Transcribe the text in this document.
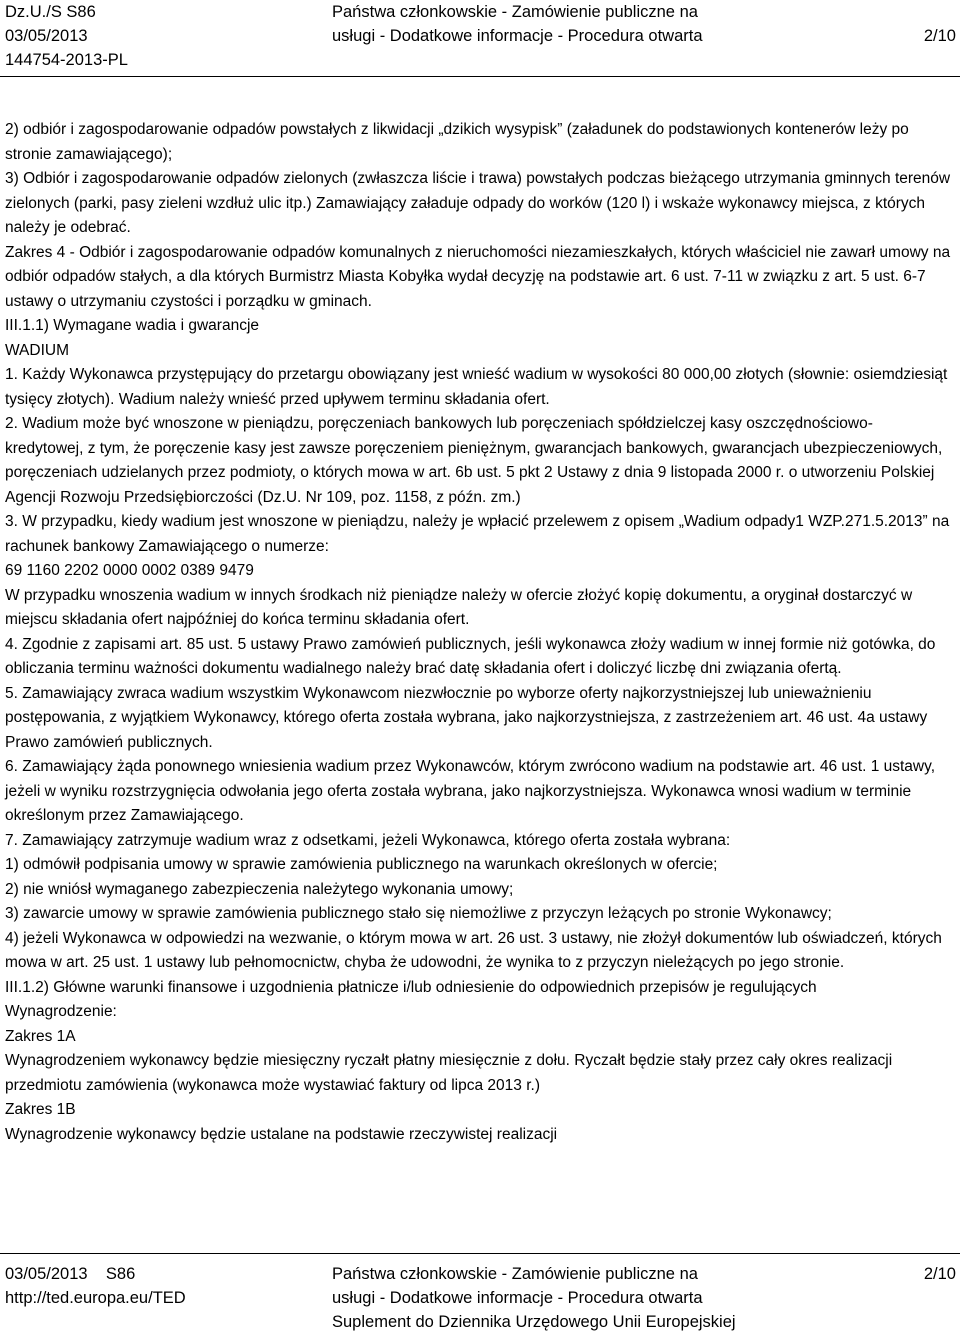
Dz.U./S S86
03/05/2013
144754-2013-PL
Państwa członkowskie - Zamówienie publiczne na
usługi - Dodatkowe informacje - Procedura otwarta	2/10

2) odbiór i zagospodarowanie odpadów powstałych z likwidacji „dzikich wysypisk” (załadunek do podstawionych kontenerów leży po stronie zamawiającego);

3) Odbiór i zagospodarowanie odpadów zielonych (zwłaszcza liście i trawa) powstałych podczas bieżącego utrzymania gminnych terenów zielonych (parki, pasy zieleni wzdłuż ulic itp.) Zamawiający załaduje odpady do worków (120 l) i wskaże wykonawcy miejsca, z których należy je odebrać.

Zakres 4 - Odbiór i zagospodarowanie odpadów komunalnych z nieruchomości niezamieszkałych, których właściciel nie zawarł umowy na odbiór odpadów stałych, a dla których Burmistrz Miasta Kobyłka wydał decyzję na podstawie art. 6 ust. 7-11 w związku z art. 5 ust. 6-7 ustawy o utrzymaniu czystości i porządku w gminach.

III.1.1) Wymagane wadia i gwarancje

WADIUM

1. Każdy Wykonawca przystępujący do przetargu obowiązany jest wnieść wadium w wysokości 80 000,00 złotych (słownie: osiemdziesiąt tysięcy złotych). Wadium należy wnieść przed upływem terminu składania ofert.

2. Wadium może być wnoszone w pieniądzu, poręczeniach bankowych lub poręczeniach spółdzielczej kasy oszczędnościowo- kredytowej, z tym, że poręczenie kasy jest zawsze poręczeniem pieniężnym, gwarancjach bankowych, gwarancjach ubezpieczeniowych, poręczeniach udzielanych przez podmioty, o których mowa w art. 6b ust. 5 pkt 2 Ustawy z dnia 9 listopada 2000 r. o utworzeniu Polskiej Agencji Rozwoju Przedsiębiorczości (Dz.U. Nr 109, poz. 1158, z późn. zm.)

3. W przypadku, kiedy wadium jest wnoszone w pieniądzu, należy je wpłacić przelewem z opisem „Wadium odpady1 WZP.271.5.2013” na rachunek bankowy Zamawiającego o numerze:

69 1160 2202 0000 0002 0389 9479

W przypadku wnoszenia wadium w innych środkach niż pieniądze należy w ofercie złożyć kopię dokumentu, a oryginał dostarczyć w miejscu składania ofert najpóźniej do końca terminu składania ofert.

4. Zgodnie z zapisami art. 85 ust. 5 ustawy Prawo zamówień publicznych, jeśli wykonawca złoży wadium w innej formie niż gotówka, do obliczania terminu ważności dokumentu wadialnego należy brać datę składania ofert i doliczyć liczbę dni związania ofertą.

5. Zamawiający zwraca wadium wszystkim Wykonawcom niezwłocznie po wyborze oferty najkorzystniejszej lub unieważnieniu postępowania, z wyjątkiem Wykonawcy, którego oferta została wybrana, jako najkorzystniejsza, z zastrzeżeniem art. 46 ust. 4a ustawy Prawo zamówień publicznych.

6. Zamawiający żąda ponownego wniesienia wadium przez Wykonawców, którym zwrócono wadium na podstawie art. 46 ust. 1 ustawy, jeżeli w wyniku rozstrzygnięcia odwołania jego oferta została wybrana, jako najkorzystniejsza. Wykonawca wnosi wadium w terminie określonym przez Zamawiającego.

7. Zamawiający zatrzymuje wadium wraz z odsetkami, jeżeli Wykonawca, którego oferta została wybrana:

1) odmówił podpisania umowy w sprawie zamówienia publicznego na warunkach określonych w ofercie;

2) nie wniósł wymaganego zabezpieczenia należytego wykonania umowy;

3) zawarcie umowy w sprawie zamówienia publicznego stało się niemożliwe z przyczyn leżących po stronie Wykonawcy;

4) jeżeli Wykonawca w odpowiedzi na wezwanie, o którym mowa w art. 26 ust. 3 ustawy, nie złożył dokumentów lub oświadczeń, których mowa w art. 25 ust. 1 ustawy lub pełnomocnictw, chyba że udowodni, że wynika to z przyczyn nieleżących po jego stronie.

III.1.2) Główne warunki finansowe i uzgodnienia płatnicze i/lub odniesienie do odpowiednich przepisów je regulujących

Wynagrodzenie:

Zakres 1A

Wynagrodzeniem wykonawcy będzie miesięczny ryczałt płatny miesięcznie z dołu. Ryczałt będzie stały przez cały okres realizacji przedmiotu zamówienia (wykonawca może wystawiać faktury od lipca 2013 r.)

Zakres 1B

Wynagrodzenie wykonawcy będzie ustalane na podstawie rzeczywistej realizacji

03/05/2013    S86
http://ted.europa.eu/TED
Państwa członkowskie - Zamówienie publiczne na
usługi - Dodatkowe informacje - Procedura otwarta
Suplement do Dziennika Urzędowego Unii Europejskiej
2/10
